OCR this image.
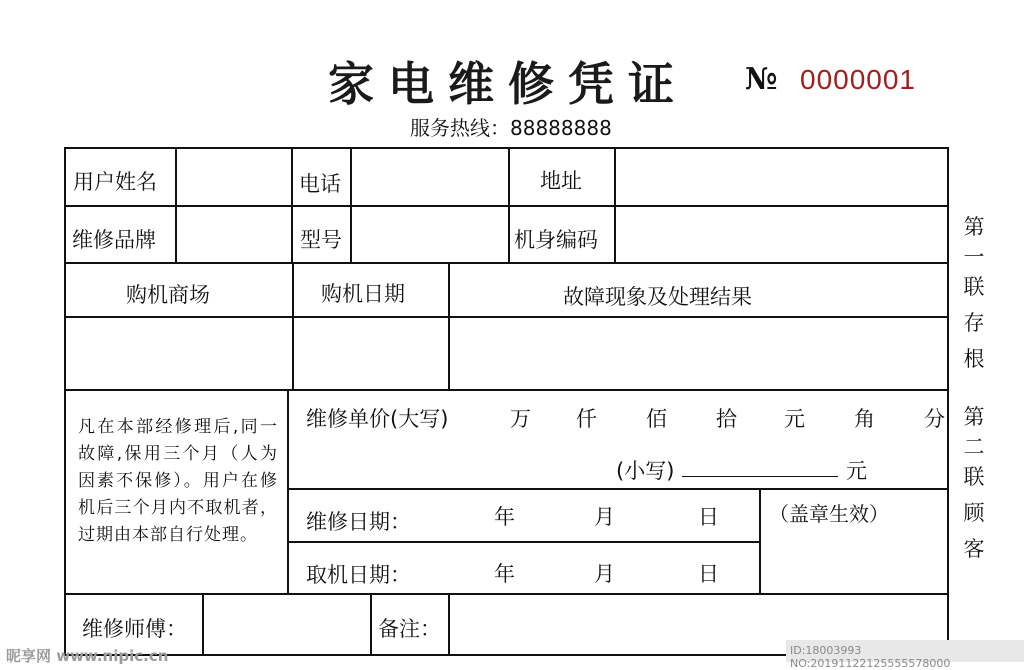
家电维修凭证 № 0000001
服务热线：88888888
用户姓名	电话	地址
维修品牌	型号	机身编码
购机商场	购机日期	故障现象及处理结果
凡在本部经修理后,同一故障,保用三个月（人为因素不保修）。用户在修机后三个月内不取机者，过期由本部自行处理。
维修单价(大写)	万 仟 佰 拾 元 角 分
(小写)	元
维修日期：	年	月	日	（盖章生效）
取机日期：	年	月	日
维修师傅：	备注：
第
一
联
存
根
第
二
联
顾
客
昵享网 www.nipic.cn	ID:18003993 NO:20191122125555578000
